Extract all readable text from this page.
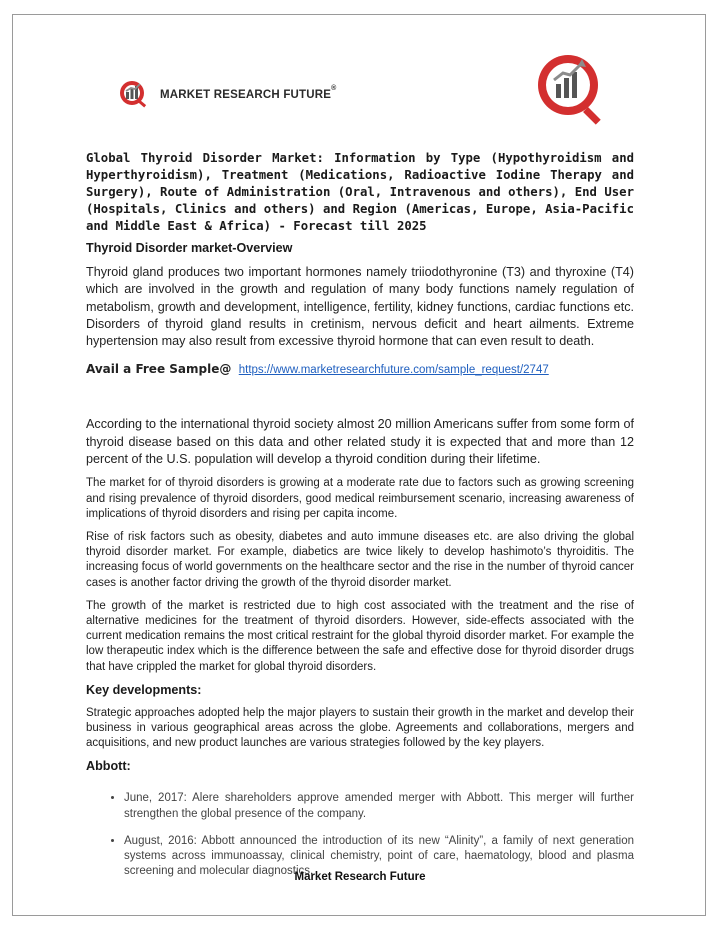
MARKET RESEARCH FUTURE®

Global Thyroid Disorder Market: Information by Type (Hypothyroidism and Hyperthyroidism), Treatment (Medications, Radioactive Iodine Therapy and Surgery), Route of Administration (Oral, Intravenous and others), End User (Hospitals, Clinics and others) and Region (Americas, Europe, Asia-Pacific and Middle East & Africa) - Forecast till 2025

Thyroid Disorder market-Overview

Thyroid gland produces two important hormones namely triiodothyronine (T3) and thyroxine (T4) which are involved in the growth and regulation of many body functions namely regulation of metabolism, growth and development, intelligence, fertility, kidney functions, cardiac functions etc. Disorders of thyroid gland results in cretinism, nervous deficit and heart ailments. Extreme hypertension may also result from excessive thyroid hormone that can even result to death.

Avail a Free Sample@ https://www.marketresearchfuture.com/sample_request/2747

According to the international thyroid society almost 20 million Americans suffer from some form of thyroid disease based on this data and other related study it is expected that and more than 12 percent of the U.S. population will develop a thyroid condition during their lifetime.

The market for of thyroid disorders is growing at a moderate rate due to factors such as growing screening and rising prevalence of thyroid disorders, good medical reimbursement scenario, increasing awareness of implications of thyroid disorders and rising per capita income.

Rise of risk factors such as obesity, diabetes and auto immune diseases etc. are also driving the global thyroid disorder market. For example, diabetics are twice likely to develop hashimoto’s thyroiditis. The increasing focus of world governments on the healthcare sector and the rise in the number of thyroid cancer cases is another factor driving the growth of the thyroid disorder market.

The growth of the market is restricted due to high cost associated with the treatment and the rise of alternative medicines for the treatment of thyroid disorders. However, side-effects associated with the current medication remains the most critical restraint for the global thyroid disorder market. For example the low therapeutic index which is the difference between the safe and effective dose for thyroid disorder drugs that have crippled the market for global thyroid disorders.

Key developments:

Strategic approaches adopted help the major players to sustain their growth in the market and develop their business in various geographical areas across the globe. Agreements and collaborations, mergers and acquisitions, and new product launches are various strategies followed by the key players.

Abbott:
• June, 2017: Alere shareholders approve amended merger with Abbott. This merger will further strengthen the global presence of the company.
• August, 2016: Abbott announced the introduction of its new “Alinity”, a family of next generation systems across immunoassay, clinical chemistry, point of care, haematology, blood and plasma screening and molecular diagnostics.
Market Research Future
